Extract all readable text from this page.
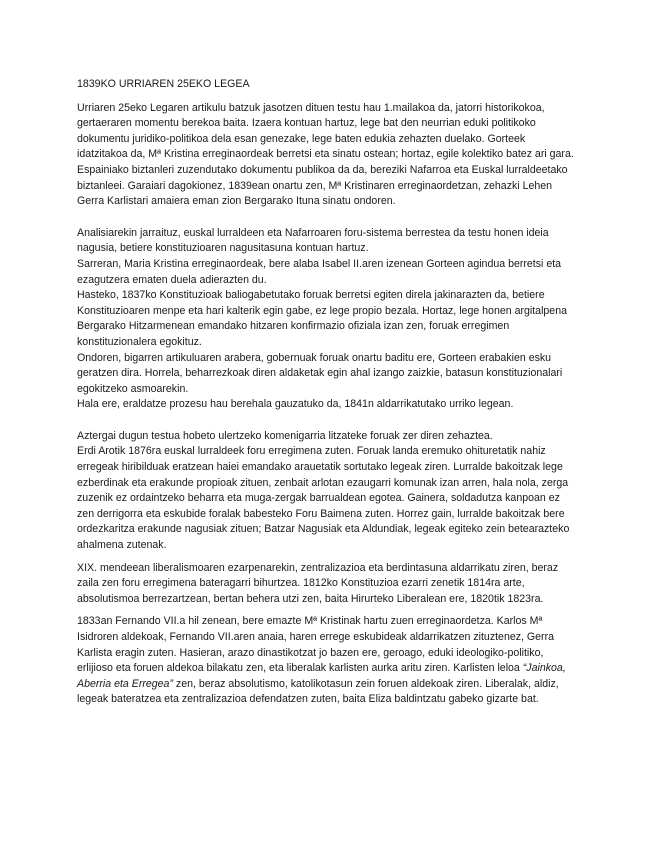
1839KO URRIAREN 25EKO LEGEA

Urriaren 25eko Legaren artikulu batzuk jasotzen dituen testu hau 1.mailakoa da, jatorri historikokoa, gertaeraren momentu berekoa baita. Izaera kontuan hartuz, lege bat den neurrian eduki politikoko dokumentu juridiko-politikoa dela esan genezake, lege baten edukia zehazten duelako. Gorteek idatzitakoa da, Mª Kristina erreginaordeak berretsi eta sinatu ostean; hortaz, egile kolektiko batez ari gara. Espainiako biztanleri zuzendutako dokumentu publikoa da da, bereziki Nafarroa eta Euskal lurraldeetako biztanleei. Garaiari dagokionez, 1839ean onartu zen, Mª Kristinaren erreginaordetzan, zehazki Lehen Gerra Karlistari amaiera eman zion Bergarako Ituna sinatu ondoren.

Analisiarekin jarraituz, euskal lurraldeen eta Nafarroaren foru-sistema berrestea da testu honen ideia nagusia, betiere konstituzioaren nagusitasuna kontuan hartuz.

Sarreran, Maria Kristina erreginaordeak, bere alaba Isabel II.aren izenean Gorteen agindua berretsi eta ezagutzera ematen duela adierazten du.

Hasteko, 1837ko Konstituzioak baliogabetutako foruak berretsi egiten direla jakinarazten da, betiere Konstituzioaren menpe eta hari kalterik egin gabe, ez lege propio bezala. Hortaz, lege honen argitalpena Bergarako Hitzarmenean emandako hitzaren konfirmazio ofiziala izan zen, foruak erregimen konstituzionalera egokituz.

Ondoren, bigarren artikuluaren arabera, gobernuak foruak onartu baditu ere, Gorteen erabakien esku geratzen dira. Horrela, beharrezkoak diren aldaketak egin ahal izango zaizkie, batasun konstituzionalari egokitzeko asmoarekin.

Hala ere, eraldatze prozesu hau berehala gauzatuko da, 1841n aldarrikatutako urriko legean.

Aztergai dugun testua hobeto ulertzeko komenigarria litzateke foruak zer diren zehaztea.

Erdi Arotik 1876ra euskal lurraldeek foru erregimena zuten. Foruak landa eremuko ohituretatik nahiz erregeak hiribilduak eratzean haiei emandako arauetatik sortutako legeak ziren. Lurralde bakoitzak lege ezberdinak eta erakunde propioak zituen, zenbait arlotan ezaugarri komunak izan arren, hala nola, zerga zuzenik ez ordaintzeko beharra eta muga-zergak barrualdean egotea. Gainera, soldadutza kanpoan ez zen derrigorra eta eskubide foralak babesteko Foru Baimena zuten. Horrez gain, lurralde bakoitzak bere ordezkaritza erakunde nagusiak zituen; Batzar Nagusiak eta Aldundiak, legeak egiteko zein betearazteko ahalmena zutenak.

XIX. mendeean liberalismoaren ezarpenarekin, zentralizazioa eta berdintasuna aldarrikatu ziren, beraz zaila zen foru erregimena bateragarri bihurtzea. 1812ko Konstituzioa ezarri zenetik 1814ra arte, absolutismoa berrezartzean, bertan behera utzi zen, baita Hirurteko Liberalean ere, 1820tik 1823ra.

1833an Fernando VII.a hil zenean, bere emazte Mª Kristinak hartu zuen erreginaordetza. Karlos Mª Isidroren aldekoak, Fernando VII.aren anaia, haren errege eskubideak aldarrikatzen zituztenez, Gerra Karlista eragin zuten. Hasieran, arazo dinastikotzat jo bazen ere, geroago, eduki ideologiko-politiko, erlijioso eta foruen aldekoa bilakatu zen, eta liberalak karlisten aurka aritu ziren. Karlisten leloa “Jainkoa, Aberria eta Erregea” zen, beraz absolutismo, katolikotasun zein foruen aldekoak ziren. Liberalak, aldiz, legeak bateratzea eta zentralizazioa defendatzen zuten, baita Eliza baldintzatu gabeko gizarte bat.
